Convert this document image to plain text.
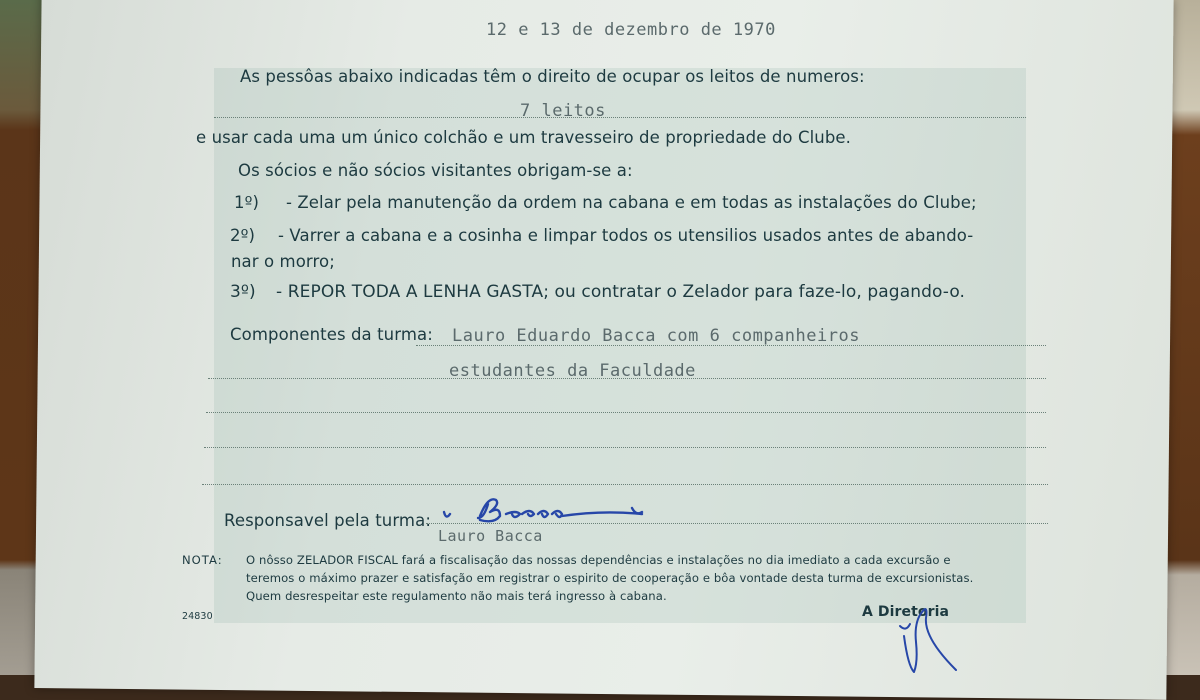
12 e 13 de dezembro de 1970
As pessôas abaixo indicadas têm o direito de ocupar os leitos de numeros:
7 leitos
e usar cada uma um único colchão e um travesseiro de propriedade do Clube.
Os sócios e não sócios visitantes obrigam-se a:
1º) - Zelar pela manutenção da ordem na cabana e em todas as instalações do Clube;
2º) - Varrer a cabana e a cosinha e limpar todos os utensilios usados antes de abando-
nar o morro;
3º) - REPOR TODA A LENHA GASTA; ou contratar o Zelador para faze-lo, pagando-o.
Componentes da turma: Lauro Eduardo Bacca com 6 companheiros
estudantes da Faculdade
Responsavel pela turma:
Lauro Bacca
NOTA: O nôsso ZELADOR FISCAL fará a fiscalisação das nossas dependências e instalações no dia imediato a cada excursão e
teremos o máximo prazer e satisfação em registrar o espirito de cooperação e bôa vontade desta turma de excursionistas.
Quem desrespeitar este regulamento não mais terá ingresso à cabana.
24830	A Diretoria
